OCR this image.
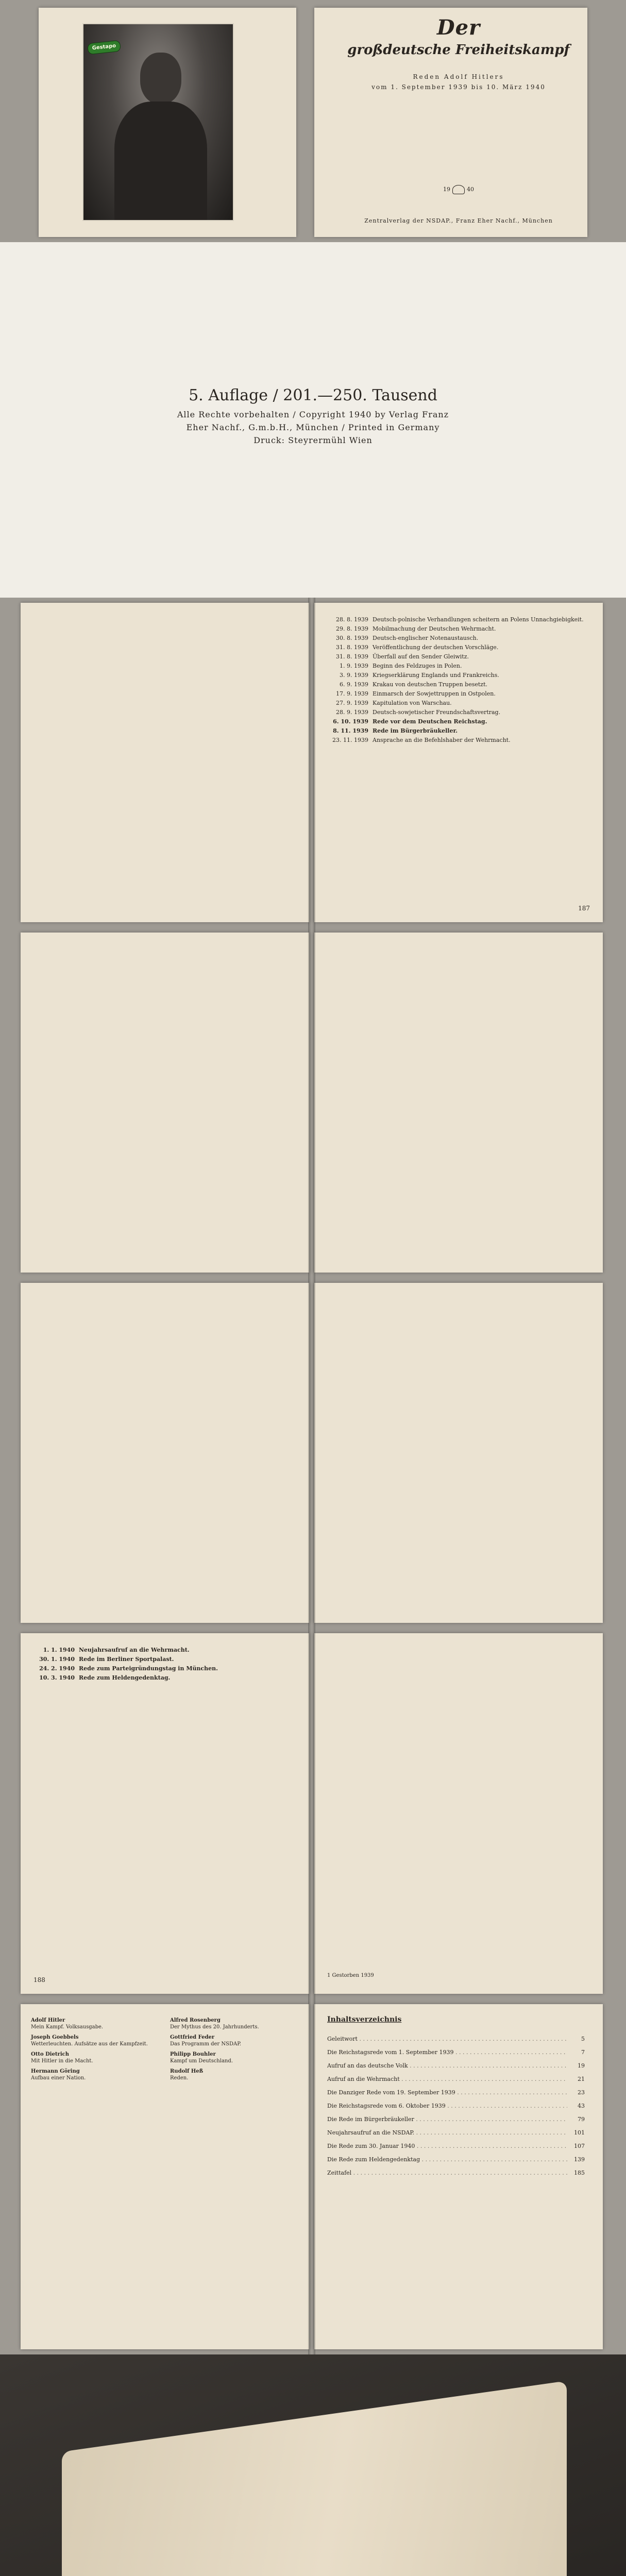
Gestapo
Der
großdeutsche Freiheitskampf
Reden Adolf Hitlers
vom 1. September 1939 bis 10. März 1940
19	40
Zentralverlag der NSDAP., Franz Eher Nachf., München
5. Auflage / 201.—250. Tausend
Alle Rechte vorbehalten / Copyright 1940 by Verlag Franz
Eher Nachf., G.m.b.H., München / Printed in Germany
Druck: Steyrermühl Wien
28. 8. 1939 Deutsch-polnische Verhandlungen scheitern an Polens Unnachgiebigkeit.
29. 8. 1939 Mobilmachung der Deutschen Wehrmacht.
30. 8. 1939 Deutsch-englischer Notenaustausch.
31. 8. 1939 Veröffentlichung der deutschen Vorschläge.
31. 8. 1939 Überfall auf den Sender Gleiwitz.
1. 9. 1939 Beginn des Feldzuges in Polen.
3. 9. 1939 Kriegserklärung Englands und Frankreichs.
6. 9. 1939 Krakau von deutschen Truppen besetzt.
17. 9. 1939 Einmarsch der Sowjettruppen in Ostpolen.
27. 9. 1939 Kapitulation von Warschau.
28. 9. 1939 Deutsch-sowjetischer Freundschaftsvertrag.
6. 10. 1939 Rede vor dem Deutschen Reichstag.
8. 11. 1939 Rede im Bürgerbräukeller.
23. 11. 1939 Ansprache an die Befehlshaber der Wehrmacht.
187
1. 1. 1940 Neujahrsaufruf an die Wehrmacht.
30. 1. 1940 Rede im Berliner Sportpalast.
24. 2. 1940 Rede zum Parteigründungstag in München.
10. 3. 1940 Rede zum Heldengedenktag.
188
1 Gestorben 1939
Adolf Hitler
Mein Kampf. Volksausgabe.
Joseph Goebbels
Wetterleuchten. Aufsätze aus der Kampfzeit.
Otto Dietrich
Mit Hitler in die Macht.
Hermann Göring
Aufbau einer Nation.
Alfred Rosenberg
Der Mythus des 20. Jahrhunderts.
Gottfried Feder
Das Programm der NSDAP.
Philipp Bouhler
Kampf um Deutschland.
Rudolf Heß
Reden.
Inhaltsverzeichnis
Geleitwort . . .	5
Die Reichstagsrede vom 1. September 1939 . . .	7
Aufruf an das deutsche Volk . . .	19
Aufruf an die Wehrmacht . . .	21
Die Danziger Rede vom 19. September 1939 . . .	23
Die Reichstagsrede vom 6. Oktober 1939 . . .	43
Die Rede im Bürgerbräukeller . . .	79
Neujahrsaufruf an die NSDAP. . . .	101
Die Rede zum 30. Januar 1940 . . .	107
Die Rede zum Heldengedenktag . . .	139
Zeittafel . . .	185
